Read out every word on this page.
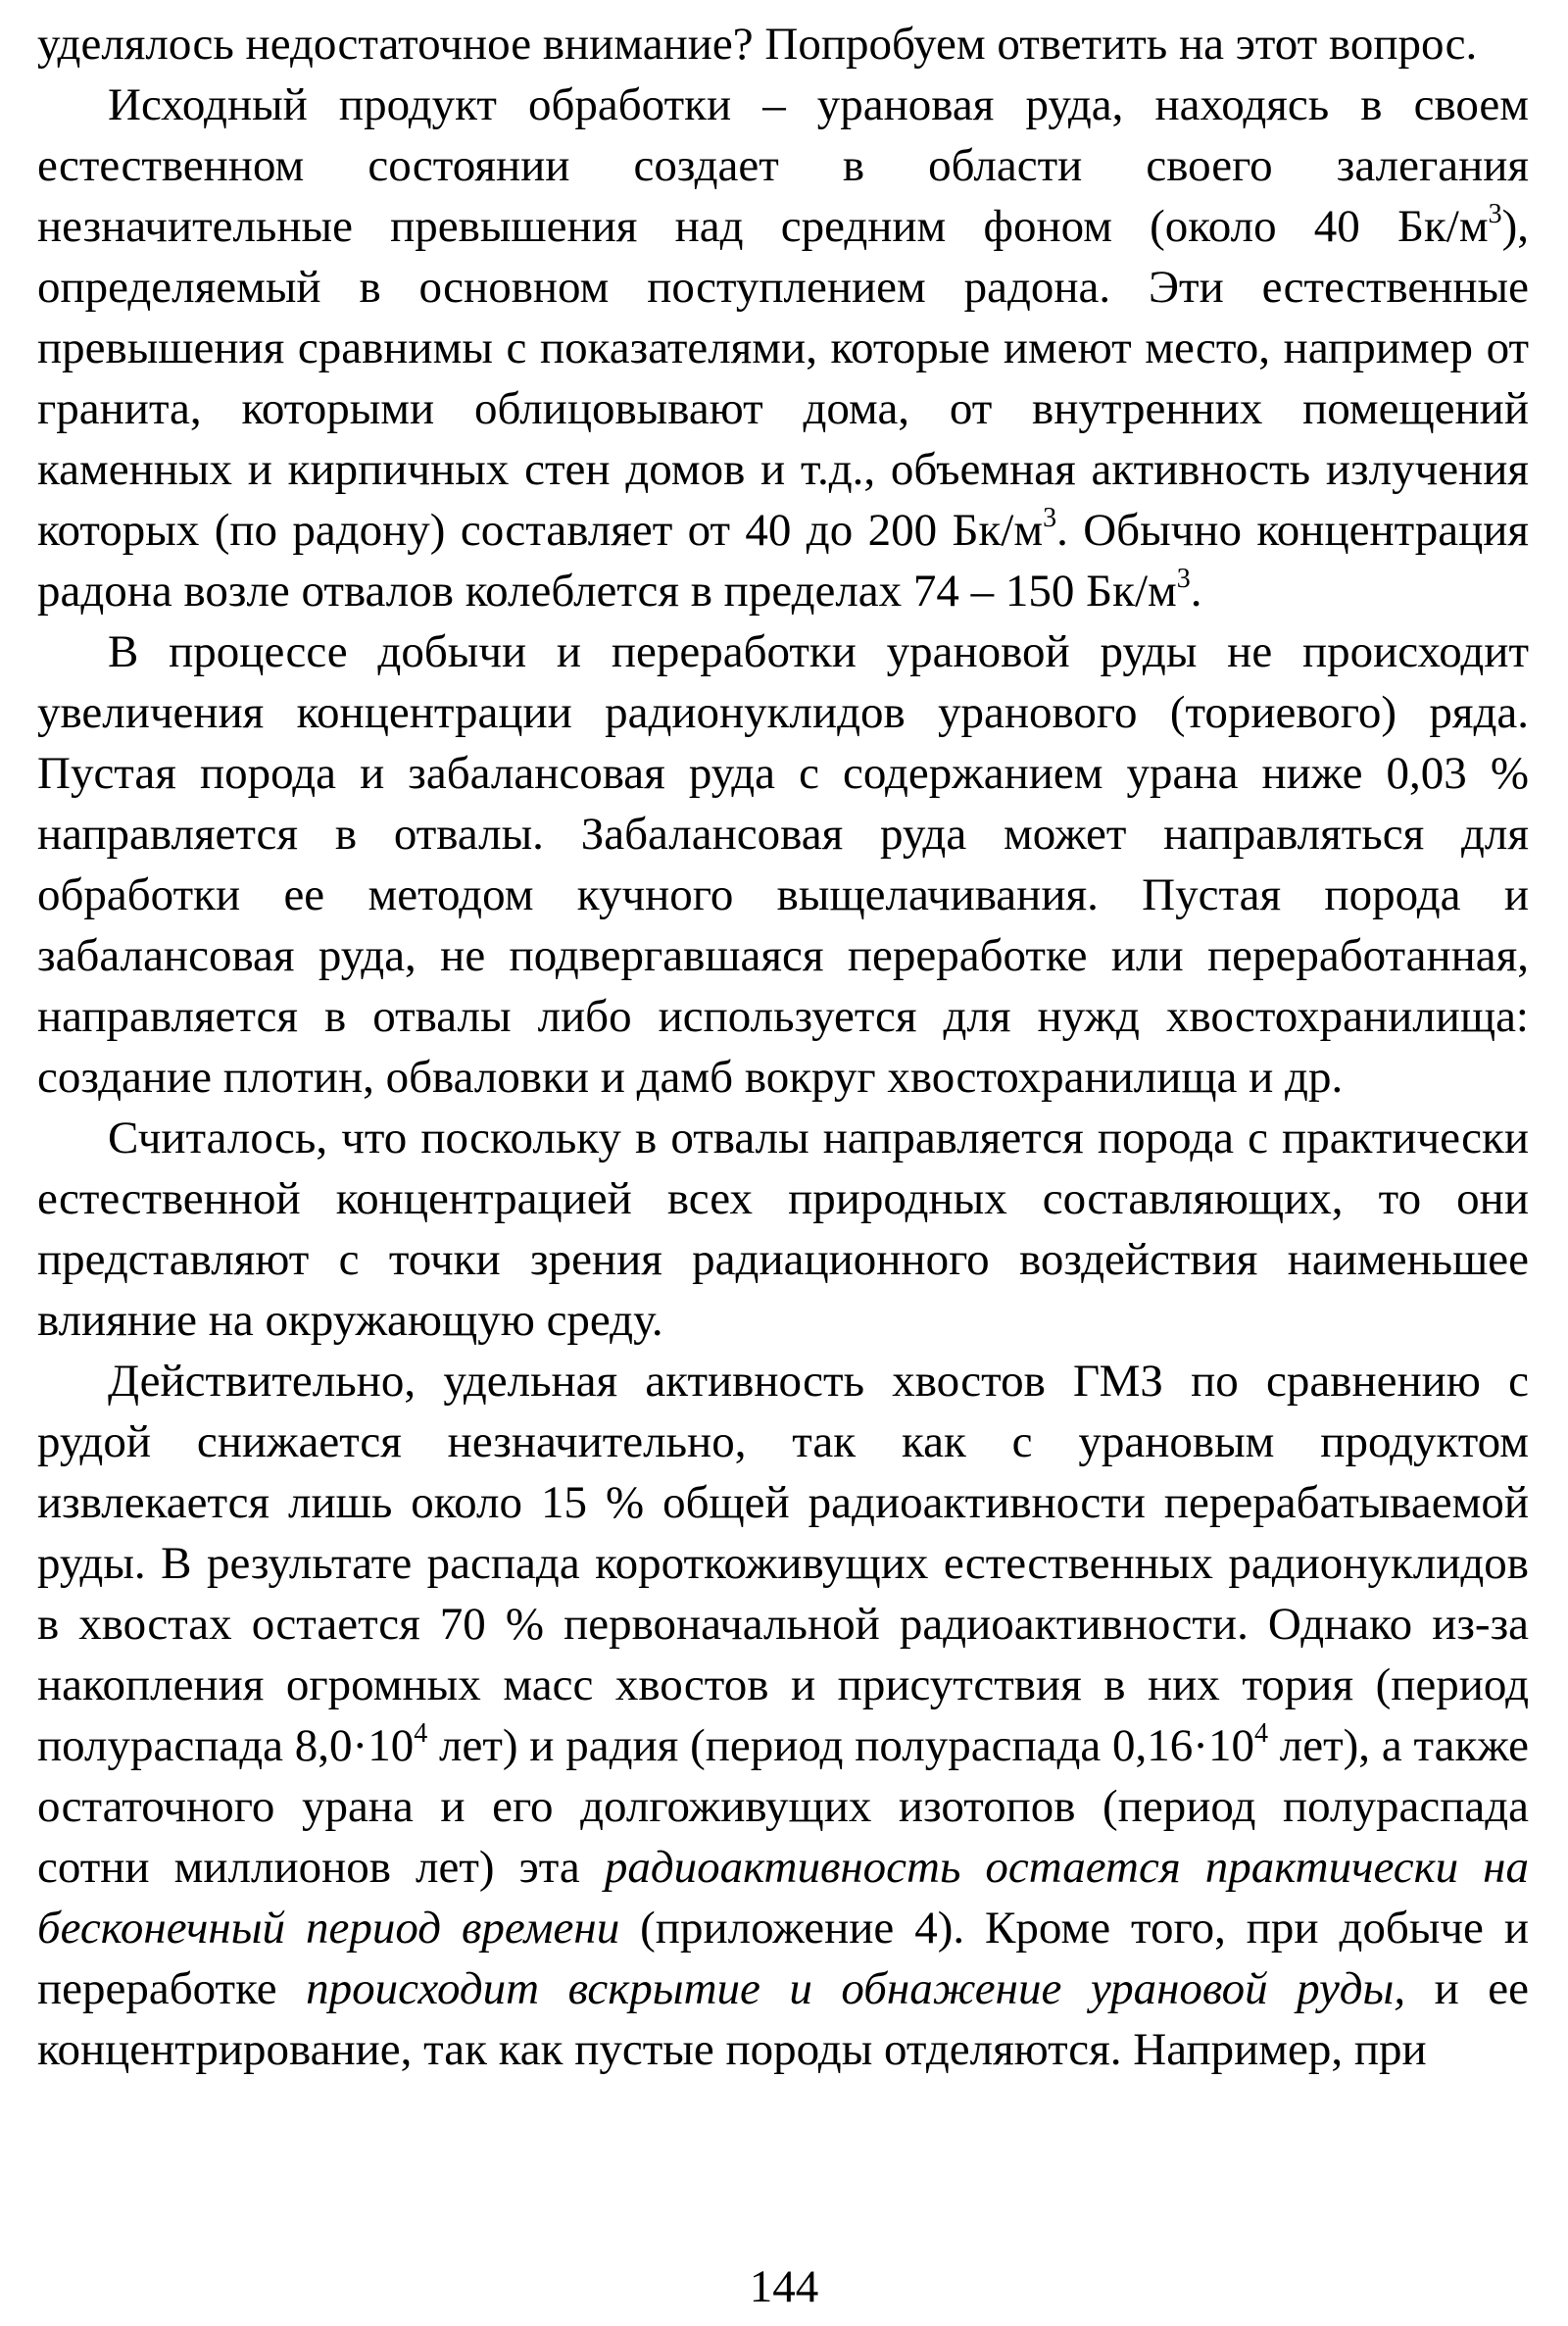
уделялось недостаточное внимание? Попробуем ответить на этот вопрос.

Исходный продукт обработки – урановая руда, находясь в своем естественном состоянии создает в области своего залегания незначительные превышения над средним фоном (около 40 $Бк/м^3$), определяемый в основном поступлением радона. Эти естественные превышения сравнимы с показателями, которые имеют место, например от гранита, которыми облицовывают дома, от внутренних помещений каменных и кирпичных стен домов и т.д., объемная активность излучения которых (по радону) составляет от 40 до 200 $Бк/м^3$. Обычно концентрация радона возле отвалов колеблется в пределах 74 – 150 $Бк/м^3$.

В процессе добычи и переработки урановой руды не происходит увеличения концентрации радионуклидов уранового (ториевого) ряда. Пустая порода и забалансовая руда с содержанием урана ниже 0,03 % направляется в отвалы. Забалансовая руда может направляться для обработки ее методом кучного выщелачивания. Пустая порода и забалансовая руда, не подвергавшаяся переработке или переработанная, направляется в отвалы либо используется для нужд хвостохранилища: создание плотин, обваловки и дамб вокруг хвостохранилища и др.

Считалось, что поскольку в отвалы направляется порода с практически естественной концентрацией всех природных составляющих, то они представляют с точки зрения радиационного воздействия наименьшее влияние на окружающую среду.

Действительно, удельная активность хвостов ГМЗ по сравнению с рудой снижается незначительно, так как с урановым продуктом извлекается лишь около 15 % общей радиоактивности перерабатываемой руды. В результате распада короткоживущих естественных радионуклидов в хвостах остается 70 % первоначальной радиоактивности. Однако из-за накопления огромных масс хвостов и присутствия в них тория (период полураспада $8,0\cdot 10^4$ лет) и радия (период полураспада $0,16\cdot 10^4$ лет), а также остаточного урана и его долгоживущих изотопов (период полураспада сотни миллионов лет) эта радиоактивность остается практически на бесконечный период времени (приложение 4). Кроме того, при добыче и переработке происходит вскрытие и обнажение урановой руды, и ее концентрирование, так как пустые породы отделяются. Например, при

144
